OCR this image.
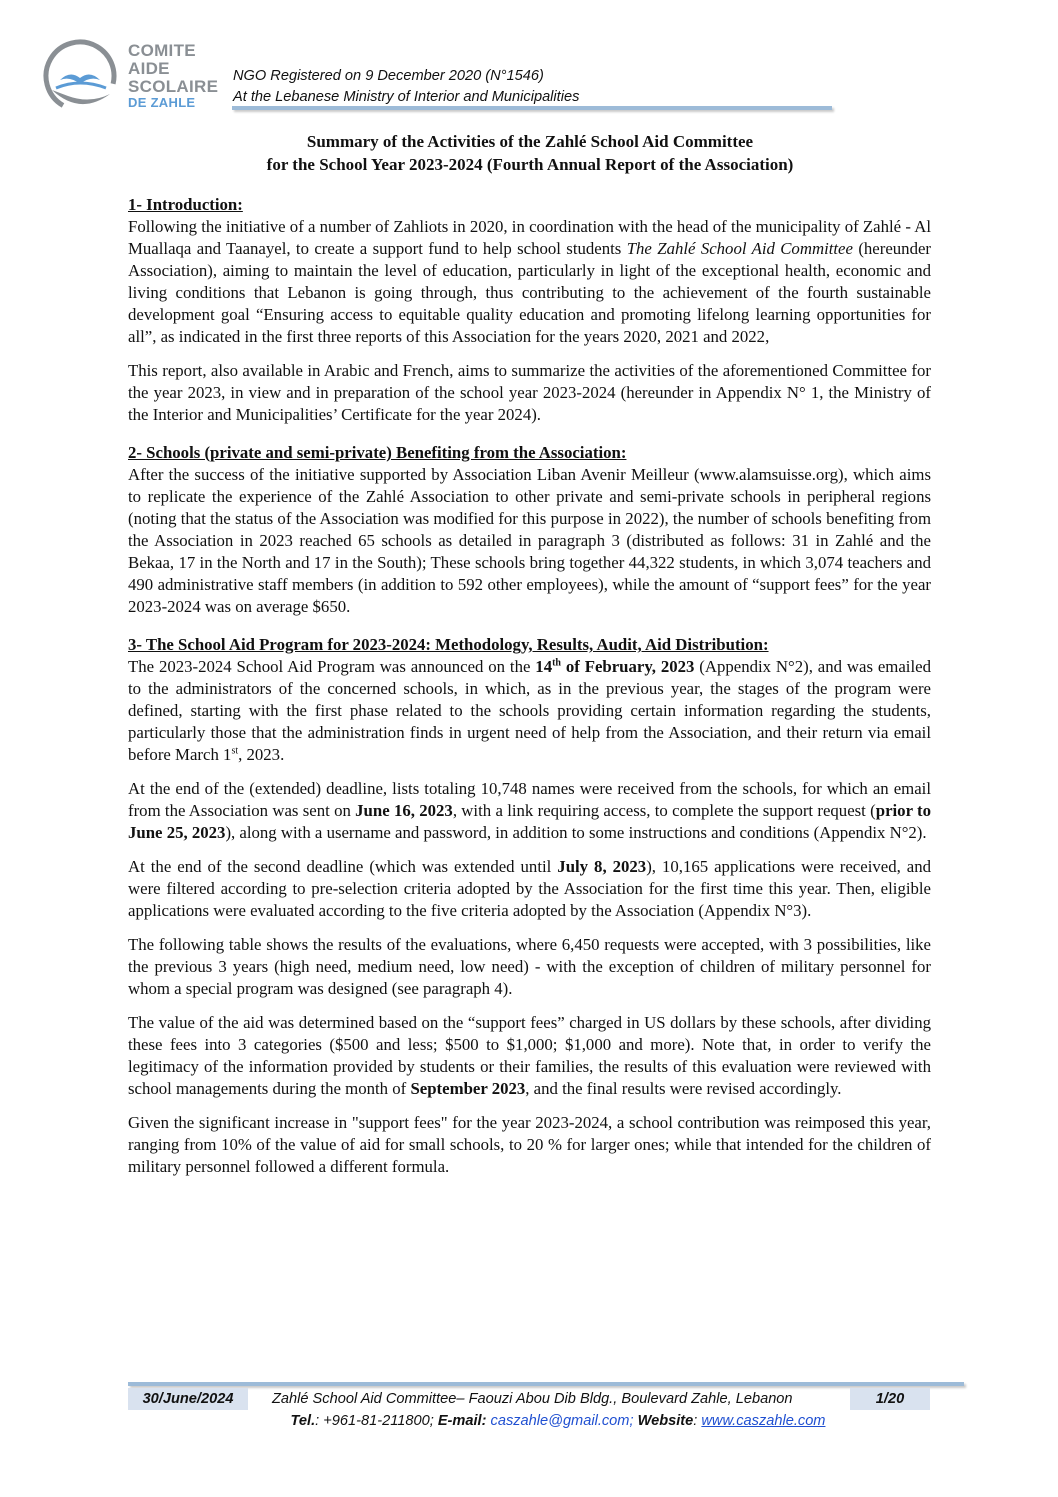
COMITE
AIDE
SCOLAIRE
DE ZAHLE
NGO Registered on 9 December 2020 (N°1546)
At the Lebanese Ministry of Interior and Municipalities
Summary of the Activities of the Zahlé School Aid Committee
for the School Year 2023-2024 (Fourth Annual Report of the Association)
1- Introduction:

Following the initiative of a number of Zahliots in 2020, in coordination with the head of the municipality of Zahlé - Al Muallaqa and Taanayel, to create a support fund to help school students The Zahlé School Aid Committee (hereunder Association), aiming to maintain the level of education, particularly in light of the exceptional health, economic and living conditions that Lebanon is going through, thus contributing to the achievement of the fourth sustainable development goal “Ensuring access to equitable quality education and promoting lifelong learning opportunities for all”, as indicated in the first three reports of this Association for the years 2020, 2021 and 2022,

This report, also available in Arabic and French, aims to summarize the activities of the aforementioned Committee for the year 2023, in view and in preparation of the school year 2023-2024 (hereunder in Appendix N° 1, the Ministry of the Interior and Municipalities’ Certificate for the year 2024).

2- Schools (private and semi-private) Benefiting from the Association:

After the success of the initiative supported by Association Liban Avenir Meilleur (www.alamsuisse.org), which aims to replicate the experience of the Zahlé Association to other private and semi-private schools in peripheral regions (noting that the status of the Association was modified for this purpose in 2022), the number of schools benefiting from the Association in 2023 reached 65 schools as detailed in paragraph 3 (distributed as follows: 31 in Zahlé and the Bekaa, 17 in the North and 17 in the South); These schools bring together 44,322 students, in which 3,074 teachers and 490 administrative staff members (in addition to 592 other employees), while the amount of “support fees” for the year 2023-2024 was on average $650.

3- The School Aid Program for 2023-2024: Methodology, Results, Audit, Aid Distribution:

The 2023-2024 School Aid Program was announced on the 14th of February, 2023 (Appendix N°2), and was emailed to the administrators of the concerned schools, in which, as in the previous year, the stages of the program were defined, starting with the first phase related to the schools providing certain information regarding the students, particularly those that the administration finds in urgent need of help from the Association, and their return via email before March 1st, 2023.

At the end of the (extended) deadline, lists totaling 10,748 names were received from the schools, for which an email from the Association was sent on June 16, 2023, with a link requiring access, to complete the support request (prior to June 25, 2023), along with a username and password, in addition to some instructions and conditions (Appendix N°2).

At the end of the second deadline (which was extended until July 8, 2023), 10,165 applications were received, and were filtered according to pre-selection criteria adopted by the Association for the first time this year. Then, eligible applications were evaluated according to the five criteria adopted by the Association (Appendix N°3).

The following table shows the results of the evaluations, where 6,450 requests were accepted, with 3 possibilities, like the previous 3 years (high need, medium need, low need) - with the exception of children of military personnel for whom a special program was designed (see paragraph 4).

The value of the aid was determined based on the “support fees” charged in US dollars by these schools, after dividing these fees into 3 categories ($500 and less; $500 to $1,000; $1,000 and more). Note that, in order to verify the legitimacy of the information provided by students or their families, the results of this evaluation were reviewed with school managements during the month of September 2023, and the final results were revised accordingly.

Given the significant increase in "support fees" for the year 2023-2024, a school contribution was reimposed this year, ranging from 10% of the value of aid for small schools, to 20 % for larger ones; while that intended for the children of military personnel followed a different formula.

30/June/2024	Zahlé School Aid Committee– Faouzi Abou Dib Bldg., Boulevard Zahle, Lebanon	1/20
Tel.: +961-81-211800; E-mail: caszahle@gmail.com; Website: www.caszahle.com
